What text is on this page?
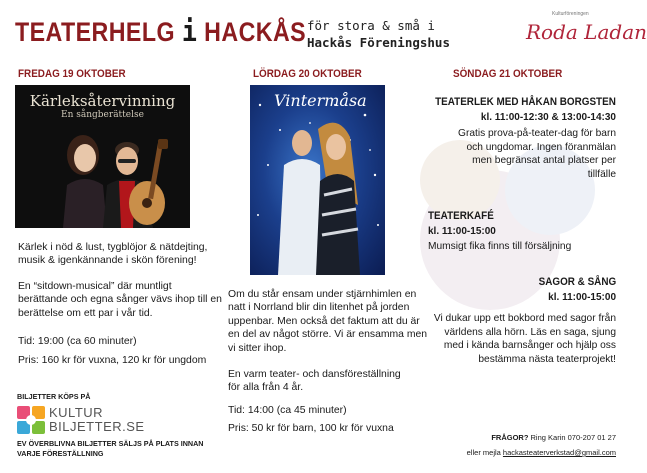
TEATERHELG i HACKÅS för stora & små i
Hackås Föreningshus
Kulturföreningen
Roda Ladan
FREDAG 19 OKTOBER
Kärleksåtervinning
En sångberättelse
Kärlek i nöd & lust, tygblöjor & nätdejting, musik & igenkännande i skön förening!
En “sitdown-musical” där muntligt berättande och egna sånger vävs ihop till en berättelse om ett par i vår tid.
Tid: 19:00 (ca 60 minuter)
Pris: 160 kr för vuxna, 120 kr för ungdom
LÖRDAG 20 OKTOBER
Vintermåsa
Om du står ensam under stjärnhimlen en natt i Norrland blir din litenhet på jorden uppenbar. Men också det faktum att du är en del av något större. Vi är ensamma men vi sitter ihop.
En varm teater- och dansföreställning för alla från 4 år.
Tid: 14:00 (ca 45 minuter)
Pris: 50 kr för barn, 100 kr för vuxna
SÖNDAG 21 OKTOBER
TEATERLEK MED HÅKAN BORGSTEN
kl. 11:00-12:30 & 13:00-14:30
Gratis prova-på-teater-dag för barn och ungdomar. Ingen föranmälan men begränsat antal platser per tillfälle
TEATERKAFÉ
kl. 11:00-15:00
Mumsigt fika finns till försäljning
SAGOR & SÅNG
kl. 11:00-15:00
Vi dukar upp ett bokbord med sagor från världens alla hörn. Läs en saga, sjung med i kända barnsånger och hjälp oss bestämma nästa teaterprojekt!
BILJETTER KÖPS PÅ
KULTUR
BILJETTER.SE
EV ÖVERBLIVNA BILJETTER SÄLJS PÅ PLATS INNAN VARJE FÖRESTÄLLNING
FRÅGOR? Ring Karin 070-207 01 27
eller mejla hackasteaterverkstad@gmail.com
